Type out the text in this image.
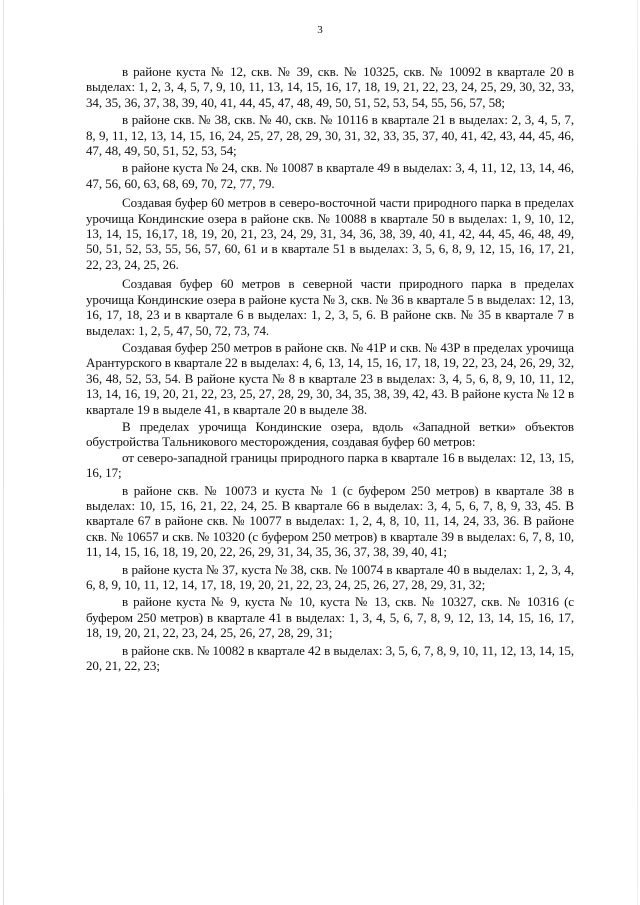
3

в районе куста № 12, скв. № 39, скв. № 10325, скв. № 10092 в квартале 20 в выделах: 1, 2, 3, 4, 5, 7, 9, 10, 11, 13, 14, 15, 16, 17, 18, 19, 21, 22, 23, 24, 25, 29, 30, 32, 33, 34, 35, 36, 37, 38, 39, 40, 41, 44, 45, 47, 48, 49, 50, 51, 52, 53, 54, 55, 56, 57, 58;

в районе скв. № 38, скв. № 40, скв. № 10116 в квартале 21 в выделах: 2, 3, 4, 5, 7, 8, 9, 11, 12, 13, 14, 15, 16, 24, 25, 27, 28, 29, 30, 31, 32, 33, 35, 37, 40, 41, 42, 43, 44, 45, 46, 47, 48, 49, 50, 51, 52, 53, 54;

в районе куста № 24, скв. № 10087 в квартале 49 в выделах: 3, 4, 11, 12, 13, 14, 46, 47, 56, 60, 63, 68, 69, 70, 72, 77, 79.

Создавая буфер 60 метров в северо-восточной части природного парка в пределах урочища Кондинские озера в районе скв. № 10088 в квартале 50 в выделах: 1, 9, 10, 12, 13, 14, 15, 16,17, 18, 19, 20, 21, 23, 24, 29, 31, 34, 36, 38, 39, 40, 41, 42, 44, 45, 46, 48, 49, 50, 51, 52, 53, 55, 56, 57, 60, 61 и в квартале 51 в выделах: 3, 5, 6, 8, 9, 12, 15, 16, 17, 21, 22, 23, 24, 25, 26.

Создавая буфер 60 метров в северной части природного парка в пределах урочища Кондинские озера в районе куста № 3, скв. № 36 в квартале 5 в выделах: 12, 13, 16, 17, 18, 23 и в квартале 6 в выделах: 1, 2, 3, 5, 6. В районе скв. № 35 в квартале 7 в выделах: 1, 2, 5, 47, 50, 72, 73, 74.

Создавая буфер 250 метров в районе скв. № 41Р и скв. № 43Р в пределах урочища Арантурского в квартале 22 в выделах: 4, 6, 13, 14, 15, 16, 17, 18, 19, 22, 23, 24, 26, 29, 32, 36, 48, 52, 53, 54. В районе куста № 8 в квартале 23 в выделах: 3, 4, 5, 6, 8, 9, 10, 11, 12, 13, 14, 16, 19, 20, 21, 22, 23, 25, 27, 28, 29, 30, 34, 35, 38, 39, 42, 43. В районе куста № 12 в квартале 19 в выделе 41, в квартале 20 в выделе 38.

В пределах урочища Кондинские озера, вдоль «Западной ветки» объектов обустройства Тальникового месторождения, создавая буфер 60 метров:

от северо-западной границы природного парка в квартале 16 в выделах: 12, 13, 15, 16, 17;

в районе скв. № 10073 и куста № 1 (с буфером 250 метров) в квартале 38 в выделах: 10, 15, 16, 21, 22, 24, 25. В квартале 66 в выделах: 3, 4, 5, 6, 7, 8, 9, 33, 45. В квартале 67 в районе скв. № 10077 в выделах: 1, 2, 4, 8, 10, 11, 14, 24, 33, 36. В районе скв. № 10657 и скв. № 10320 (с буфером 250 метров) в квартале 39 в выделах: 6, 7, 8, 10, 11, 14, 15, 16, 18, 19, 20, 22, 26, 29, 31, 34, 35, 36, 37, 38, 39, 40, 41;

в районе куста № 37, куста № 38, скв. № 10074 в квартале 40 в выделах: 1, 2, 3, 4, 6, 8, 9, 10, 11, 12, 14, 17, 18, 19, 20, 21, 22, 23, 24, 25, 26, 27, 28, 29, 31, 32;

в районе куста № 9, куста № 10, куста № 13, скв. № 10327, скв. № 10316 (с буфером 250 метров) в квартале 41 в выделах: 1, 3, 4, 5, 6, 7, 8, 9, 12, 13, 14, 15, 16, 17, 18, 19, 20, 21, 22, 23, 24, 25, 26, 27, 28, 29, 31;

в районе скв. № 10082 в квартале 42 в выделах: 3, 5, 6, 7, 8, 9, 10, 11, 12, 13, 14, 15, 20, 21, 22, 23;
